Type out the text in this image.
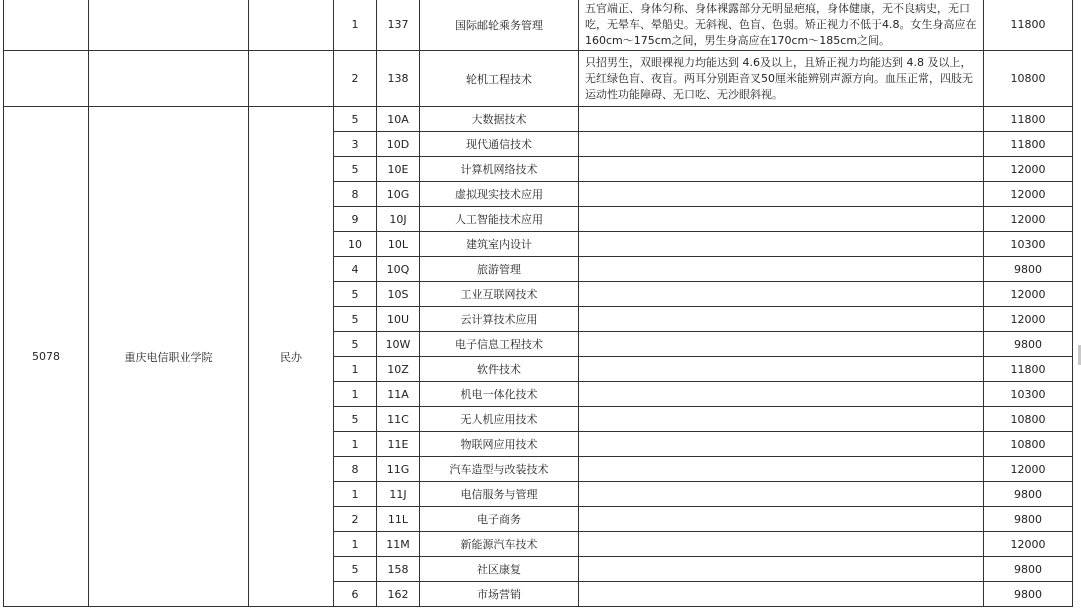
			1	137	国际邮轮乘务管理	五官端正、身体匀称、身体裸露部分无明显疤痕，身体健康，无不良病史，无口吃，无晕车、晕船史。无斜视、色盲、色弱。矫正视力不低于4.8。女生身高应在160cm～175cm之间，男生身高应在170cm～185cm之间。	11800
			2	138	轮机工程技术	只招男生，双眼裸视力均能达到 4.6及以上，且矫正视力均能达到 4.8 及以上，无红绿色盲、夜盲。两耳分别距音叉50厘米能辨别声源方向。血压正常，四肢无运动性功能障碍、无口吃、无沙眼斜视。	10800
5078	重庆电信职业学院	民办	5	10A	大数据技术		11800
			3	10D	现代通信技术		11800
			5	10E	计算机网络技术		12000
			8	10G	虚拟现实技术应用		12000
			9	10J	人工智能技术应用		12000
			10	10L	建筑室内设计		10300
			4	10Q	旅游管理		9800
			5	10S	工业互联网技术		12000
			5	10U	云计算技术应用		12000
			5	10W	电子信息工程技术		9800
			1	10Z	软件技术		11800
			1	11A	机电一体化技术		10300
			5	11C	无人机应用技术		10800
			1	11E	物联网应用技术		10800
			8	11G	汽车造型与改装技术		12000
			1	11J	电信服务与管理		9800
			2	11L	电子商务		9800
			1	11M	新能源汽车技术		12000
			5	158	社区康复		9800
			6	162	市场营销		9800
